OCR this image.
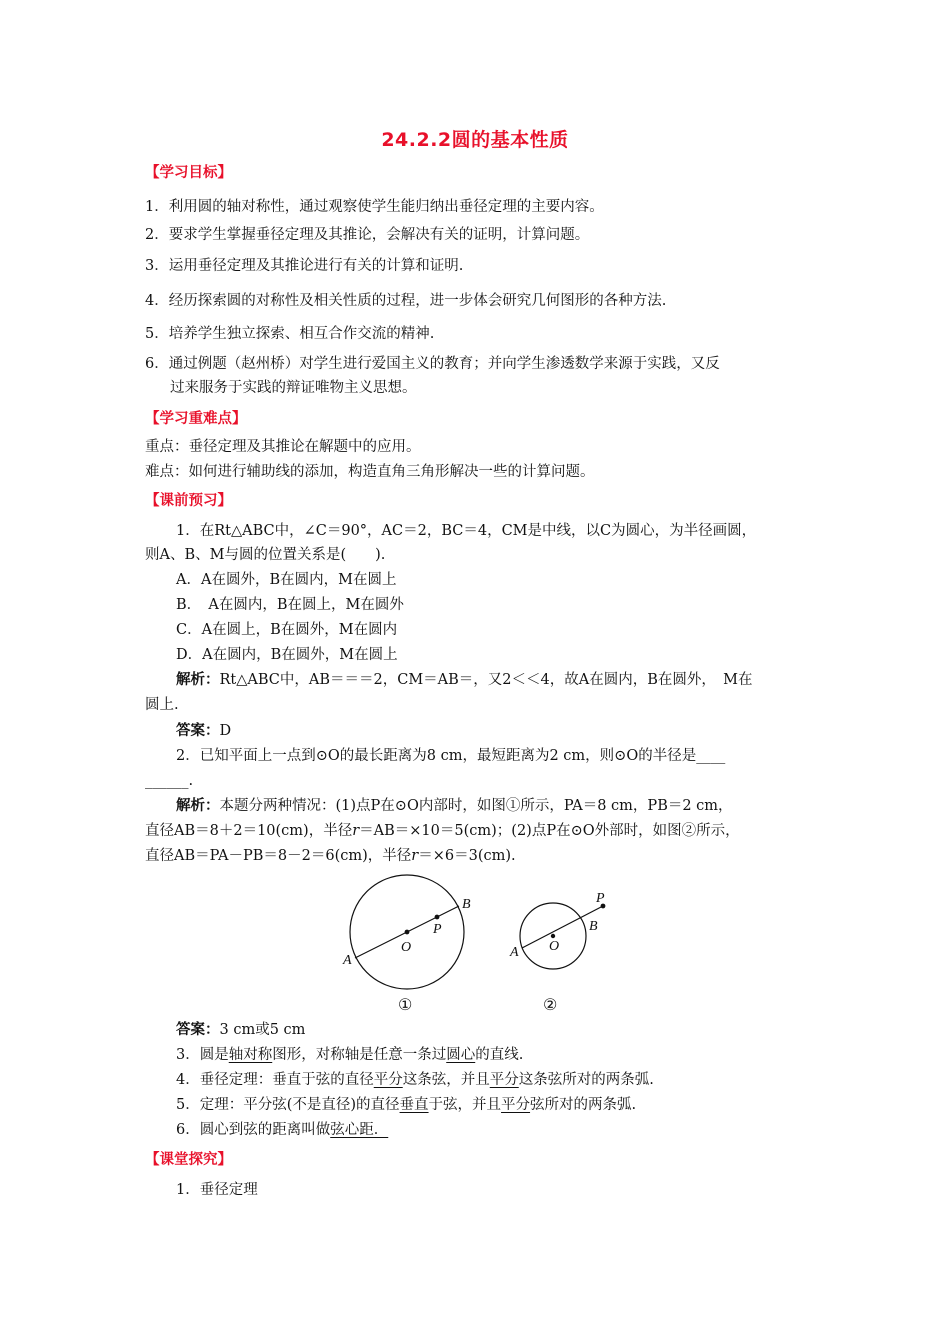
24.2.2圆的基本性质
【学习目标】
1．利用圆的轴对称性，通过观察使学生能归纳出垂径定理的主要内容。
2．要求学生掌握垂径定理及其推论，会解决有关的证明，计算问题。
3．运用垂径定理及其推论进行有关的计算和证明.
4．经历探索圆的对称性及相关性质的过程，进一步体会研究几何图形的各种方法.
5．培养学生独立探索、相互合作交流的精神.
6．通过例题（赵州桥）对学生进行爱国主义的教育；并向学生渗透数学来源于实践，又反
过来服务于实践的辩证唯物主义思想。
【学习重难点】
重点：垂径定理及其推论在解题中的应用。
难点：如何进行辅助线的添加，构造直角三角形解决一些的计算问题。
【课前预习】
1．在Rt△ABC中，∠C＝90°，AC＝2，BC＝4，CM是中线，以C为圆心，为半径画圆，
则A、B、M与圆的位置关系是(　　).
A．A在圆外，B在圆内，M在圆上
B．　A在圆内，B在圆上，M在圆外
C．A在圆上，B在圆外，M在圆内
D．A在圆内，B在圆外，M在圆上
解析：Rt△ABC中，AB＝＝＝2，CM＝AB＝，又2＜＜4，故A在圆内，B在圆外，　M在
圆上.
答案：D
2．已知平面上一点到⊙O的最长距离为8 cm，最短距离为2 cm，则⊙O的半径是____
______.
解析：本题分两种情况：(1)点P在⊙O内部时，如图①所示，PA＝8 cm，PB＝2 cm，
直径AB＝8＋2＝10(cm)，半径r＝AB＝×10＝5(cm)；(2)点P在⊙O外部时，如图②所示，
直径AB＝PA－PB＝8－2＝6(cm)，半径r＝×6＝3(cm).
A
B
O
P
①
A
B
O
P
②
答案：3 cm或5 cm
3．圆是轴对称图形，对称轴是任意一条过圆心的直线.
4．垂径定理：垂直于弦的直径平分这条弦，并且平分这条弦所对的两条弧.
5．定理：平分弦(不是直径)的直径垂直于弦，并且平分弦所对的两条弧.
6．圆心到弦的距离叫做弦心距．
【课堂探究】
1．垂径定理
